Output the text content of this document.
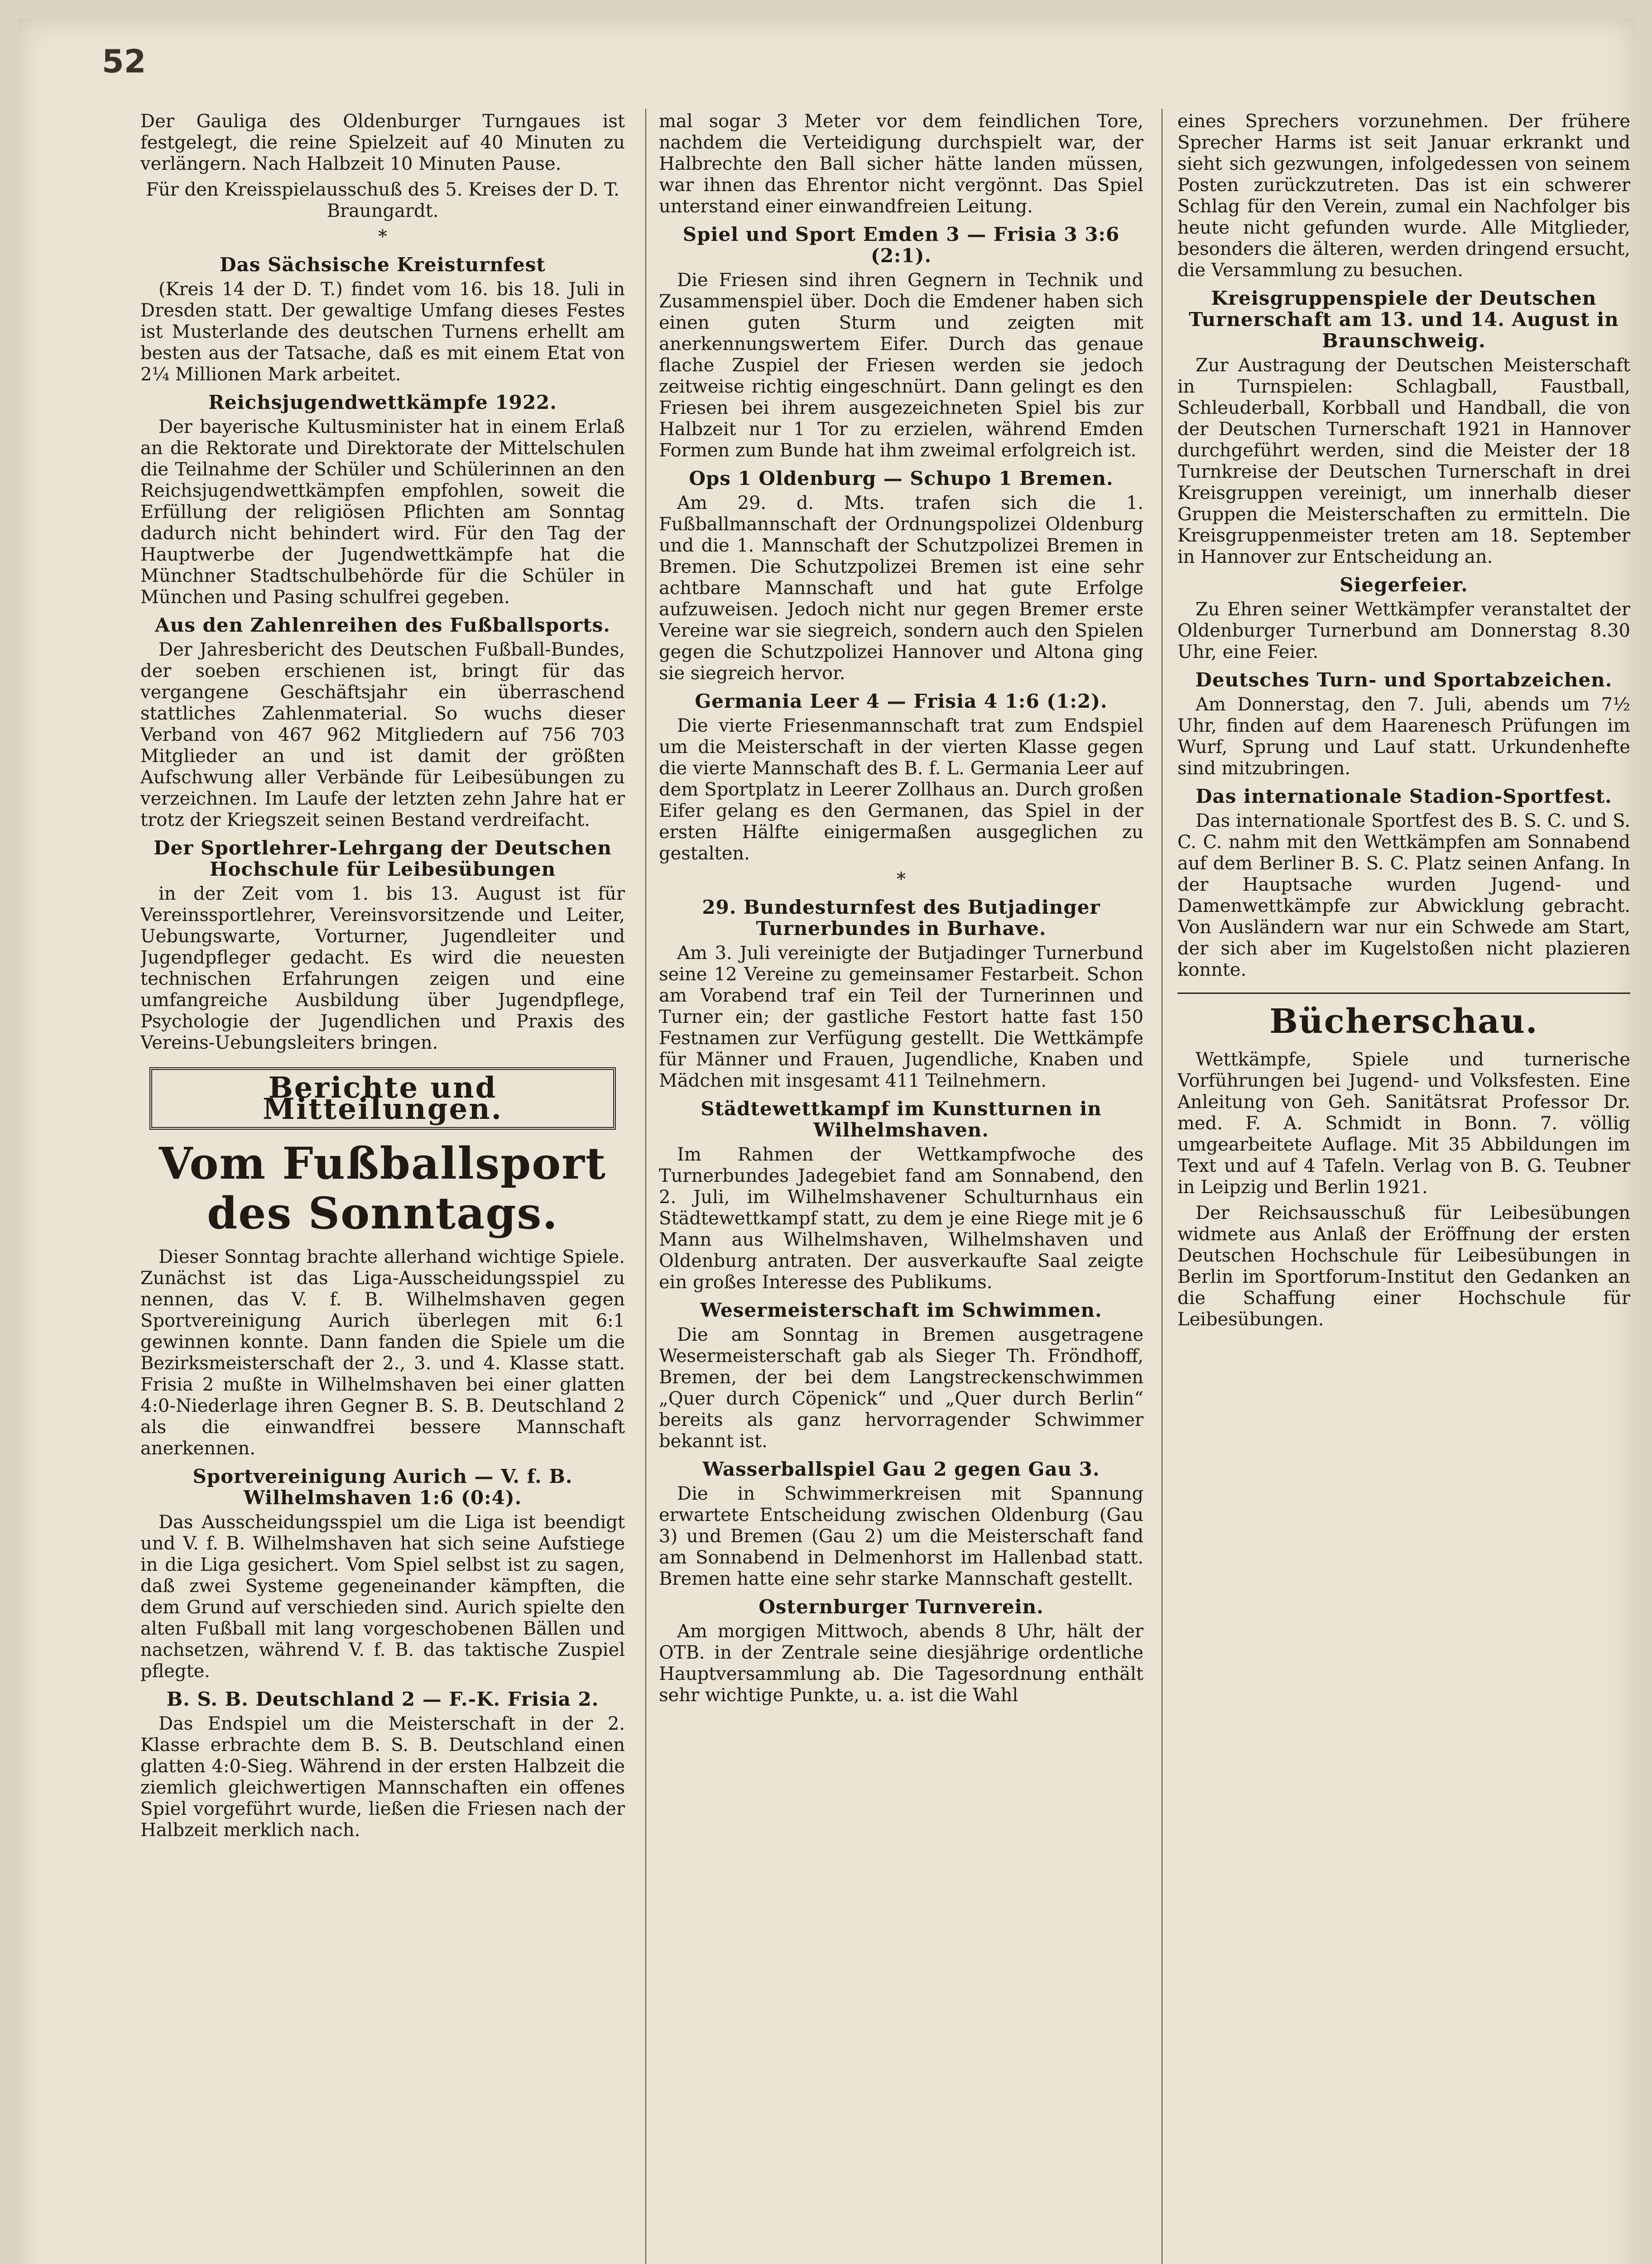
52

Der Gauliga des Oldenburger Turngaues ist festgelegt, die reine Spielzeit auf 40 Minuten zu verlängern. Nach Halbzeit 10 Minuten Pause.

Für den Kreisspielausschuß des 5. Kreises der D. T. Braungardt.

*
Das Sächsische Kreisturnfest

(Kreis 14 der D. T.) findet vom 16. bis 18. Juli in Dresden statt. Der gewaltige Umfang dieses Festes ist Musterlande des deutschen Turnens erhellt am besten aus der Tatsache, daß es mit einem Etat von 2¼ Millionen Mark arbeitet.

Reichsjugendwettkämpfe 1922.

Der bayerische Kultusminister hat in einem Erlaß an die Rektorate und Direktorate der Mittelschulen die Teilnahme der Schüler und Schülerinnen an den Reichsjugendwettkämpfen empfohlen, soweit die Erfüllung der religiösen Pflichten am Sonntag dadurch nicht behindert wird. Für den Tag der Hauptwerbe der Jugendwettkämpfe hat die Münchner Stadtschulbehörde für die Schüler in München und Pasing schulfrei gegeben.

Aus den Zahlenreihen des Fußballsports.

Der Jahresbericht des Deutschen Fußball-Bundes, der soeben erschienen ist, bringt für das vergangene Geschäftsjahr ein überraschend stattliches Zahlenmaterial. So wuchs dieser Verband von 467 962 Mitgliedern auf 756 703 Mitglieder an und ist damit der größten Aufschwung aller Verbände für Leibesübungen zu verzeichnen. Im Laufe der letzten zehn Jahre hat er trotz der Kriegszeit seinen Bestand verdreifacht.

Der Sportlehrer-Lehrgang der Deutschen Hochschule für Leibesübungen

in der Zeit vom 1. bis 13. August ist für Vereinssportlehrer, Vereinsvorsitzende und Leiter, Uebungswarte, Vorturner, Jugendleiter und Jugendpfleger gedacht. Es wird die neuesten technischen Erfahrungen zeigen und eine umfangreiche Ausbildung über Jugendpflege, Psychologie der Jugendlichen und Praxis des Vereins-Uebungsleiters bringen.

Berichte und Mitteilungen.
Vom Fußballsport des Sonntags.

Dieser Sonntag brachte allerhand wichtige Spiele. Zunächst ist das Liga-Ausscheidungsspiel zu nennen, das V. f. B. Wilhelmshaven gegen Sportvereinigung Aurich überlegen mit 6:1 gewinnen konnte. Dann fanden die Spiele um die Bezirksmeisterschaft der 2., 3. und 4. Klasse statt. Frisia 2 mußte in Wilhelmshaven bei einer glatten 4:0-Niederlage ihren Gegner B. S. B. Deutschland 2 als die einwandfrei bessere Mannschaft anerkennen.

Sportvereinigung Aurich — V. f. B. Wilhelmshaven 1:6 (0:4).

Das Ausscheidungsspiel um die Liga ist beendigt und V. f. B. Wilhelmshaven hat sich seine Aufstiege in die Liga gesichert. Vom Spiel selbst ist zu sagen, daß zwei Systeme gegeneinander kämpften, die dem Grund auf verschieden sind. Aurich spielte den alten Fußball mit lang vorgeschobenen Bällen und nachsetzen, während V. f. B. das taktische Zuspiel pflegte.

B. S. B. Deutschland 2 — F.-K. Frisia 2.

Das Endspiel um die Meisterschaft in der 2. Klasse erbrachte dem B. S. B. Deutschland einen glatten 4:0-Sieg. Während in der ersten Halbzeit die ziemlich gleichwertigen Mannschaften ein offenes Spiel vorgeführt wurde, ließen die Friesen nach der Halbzeit merklich nach.

mal sogar 3 Meter vor dem feindlichen Tore, nachdem die Verteidigung durchspielt war, der Halbrechte den Ball sicher hätte landen müssen, war ihnen das Ehrentor nicht vergönnt. Das Spiel unterstand einer einwandfreien Leitung.

Spiel und Sport Emden 3 — Frisia 3 3:6 (2:1).

Die Friesen sind ihren Gegnern in Technik und Zusammenspiel über. Doch die Emdener haben sich einen guten Sturm und zeigten mit anerkennungswertem Eifer. Durch das genaue flache Zuspiel der Friesen werden sie jedoch zeitweise richtig eingeschnürt. Dann gelingt es den Friesen bei ihrem ausgezeichneten Spiel bis zur Halbzeit nur 1 Tor zu erzielen, während Emden Formen zum Bunde hat ihm zweimal erfolgreich ist.

Ops 1 Oldenburg — Schupo 1 Bremen.

Am 29. d. Mts. trafen sich die 1. Fußballmannschaft der Ordnungspolizei Oldenburg und die 1. Mannschaft der Schutzpolizei Bremen in Bremen. Die Schutzpolizei Bremen ist eine sehr achtbare Mannschaft und hat gute Erfolge aufzuweisen. Jedoch nicht nur gegen Bremer erste Vereine war sie siegreich, sondern auch den Spielen gegen die Schutzpolizei Hannover und Altona ging sie siegreich hervor.

Germania Leer 4 — Frisia 4 1:6 (1:2).

Die vierte Friesenmannschaft trat zum Endspiel um die Meisterschaft in der vierten Klasse gegen die vierte Mannschaft des B. f. L. Germania Leer auf dem Sportplatz in Leerer Zollhaus an. Durch großen Eifer gelang es den Germanen, das Spiel in der ersten Hälfte einigermaßen ausgeglichen zu gestalten.

*
29. Bundesturnfest des Butjadinger Turnerbundes in Burhave.

Am 3. Juli vereinigte der Butjadinger Turnerbund seine 12 Vereine zu gemeinsamer Festarbeit. Schon am Vorabend traf ein Teil der Turnerinnen und Turner ein; der gastliche Festort hatte fast 150 Festnamen zur Verfügung gestellt. Die Wettkämpfe für Männer und Frauen, Jugendliche, Knaben und Mädchen mit insgesamt 411 Teilnehmern.

Städtewettkampf im Kunstturnen in Wilhelmshaven.

Im Rahmen der Wettkampfwoche des Turnerbundes Jadegebiet fand am Sonnabend, den 2. Juli, im Wilhelmshavener Schulturnhaus ein Städtewettkampf statt, zu dem je eine Riege mit je 6 Mann aus Wilhelmshaven, Wilhelmshaven und Oldenburg antraten. Der ausverkaufte Saal zeigte ein großes Interesse des Publikums.

Wesermeisterschaft im Schwimmen.

Die am Sonntag in Bremen ausgetragene Wesermeisterschaft gab als Sieger Th. Fröndhoff, Bremen, der bei dem Langstreckenschwimmen „Quer durch Cöpenick“ und „Quer durch Berlin“ bereits als ganz hervorragender Schwimmer bekannt ist.

Wasserballspiel Gau 2 gegen Gau 3.

Die in Schwimmerkreisen mit Spannung erwartete Entscheidung zwischen Oldenburg (Gau 3) und Bremen (Gau 2) um die Meisterschaft fand am Sonnabend in Delmenhorst im Hallenbad statt. Bremen hatte eine sehr starke Mannschaft gestellt.

Osternburger Turnverein.

Am morgigen Mittwoch, abends 8 Uhr, hält der OTB. in der Zentrale seine diesjährige ordentliche Hauptversammlung ab. Die Tagesordnung enthält sehr wichtige Punkte, u. a. ist die Wahl

eines Sprechers vorzunehmen. Der frühere Sprecher Harms ist seit Januar erkrankt und sieht sich gezwungen, infolgedessen von seinem Posten zurückzutreten. Das ist ein schwerer Schlag für den Verein, zumal ein Nachfolger bis heute nicht gefunden wurde. Alle Mitglieder, besonders die älteren, werden dringend ersucht, die Versammlung zu besuchen.

Kreisgruppenspiele der Deutschen Turnerschaft am 13. und 14. August in Braunschweig.

Zur Austragung der Deutschen Meisterschaft in Turnspielen: Schlagball, Faustball, Schleuderball, Korbball und Handball, die von der Deutschen Turnerschaft 1921 in Hannover durchgeführt werden, sind die Meister der 18 Turnkreise der Deutschen Turnerschaft in drei Kreisgruppen vereinigt, um innerhalb dieser Gruppen die Meisterschaften zu ermitteln. Die Kreisgruppenmeister treten am 18. September in Hannover zur Entscheidung an.

Siegerfeier.

Zu Ehren seiner Wettkämpfer veranstaltet der Oldenburger Turnerbund am Donnerstag 8.30 Uhr, eine Feier.

Deutsches Turn- und Sportabzeichen.

Am Donnerstag, den 7. Juli, abends um 7½ Uhr, finden auf dem Haarenesch Prüfungen im Wurf, Sprung und Lauf statt. Urkundenhefte sind mitzubringen.

Das internationale Stadion-Sportfest.

Das internationale Sportfest des B. S. C. und S. C. C. nahm mit den Wettkämpfen am Sonnabend auf dem Berliner B. S. C. Platz seinen Anfang. In der Hauptsache wurden Jugend- und Damenwettkämpfe zur Abwicklung gebracht. Von Ausländern war nur ein Schwede am Start, der sich aber im Kugelstoßen nicht plazieren konnte.

Bücherschau.

Wettkämpfe, Spiele und turnerische Vorführungen bei Jugend- und Volksfesten. Eine Anleitung von Geh. Sanitätsrat Professor Dr. med. F. A. Schmidt in Bonn. 7. völlig umgearbeitete Auflage. Mit 35 Abbildungen im Text und auf 4 Tafeln. Verlag von B. G. Teubner in Leipzig und Berlin 1921.

Der Reichsausschuß für Leibesübungen widmete aus Anlaß der Eröffnung der ersten Deutschen Hochschule für Leibesübungen in Berlin im Sportforum-Institut den Gedanken an die Schaffung einer Hochschule für Leibesübungen.
